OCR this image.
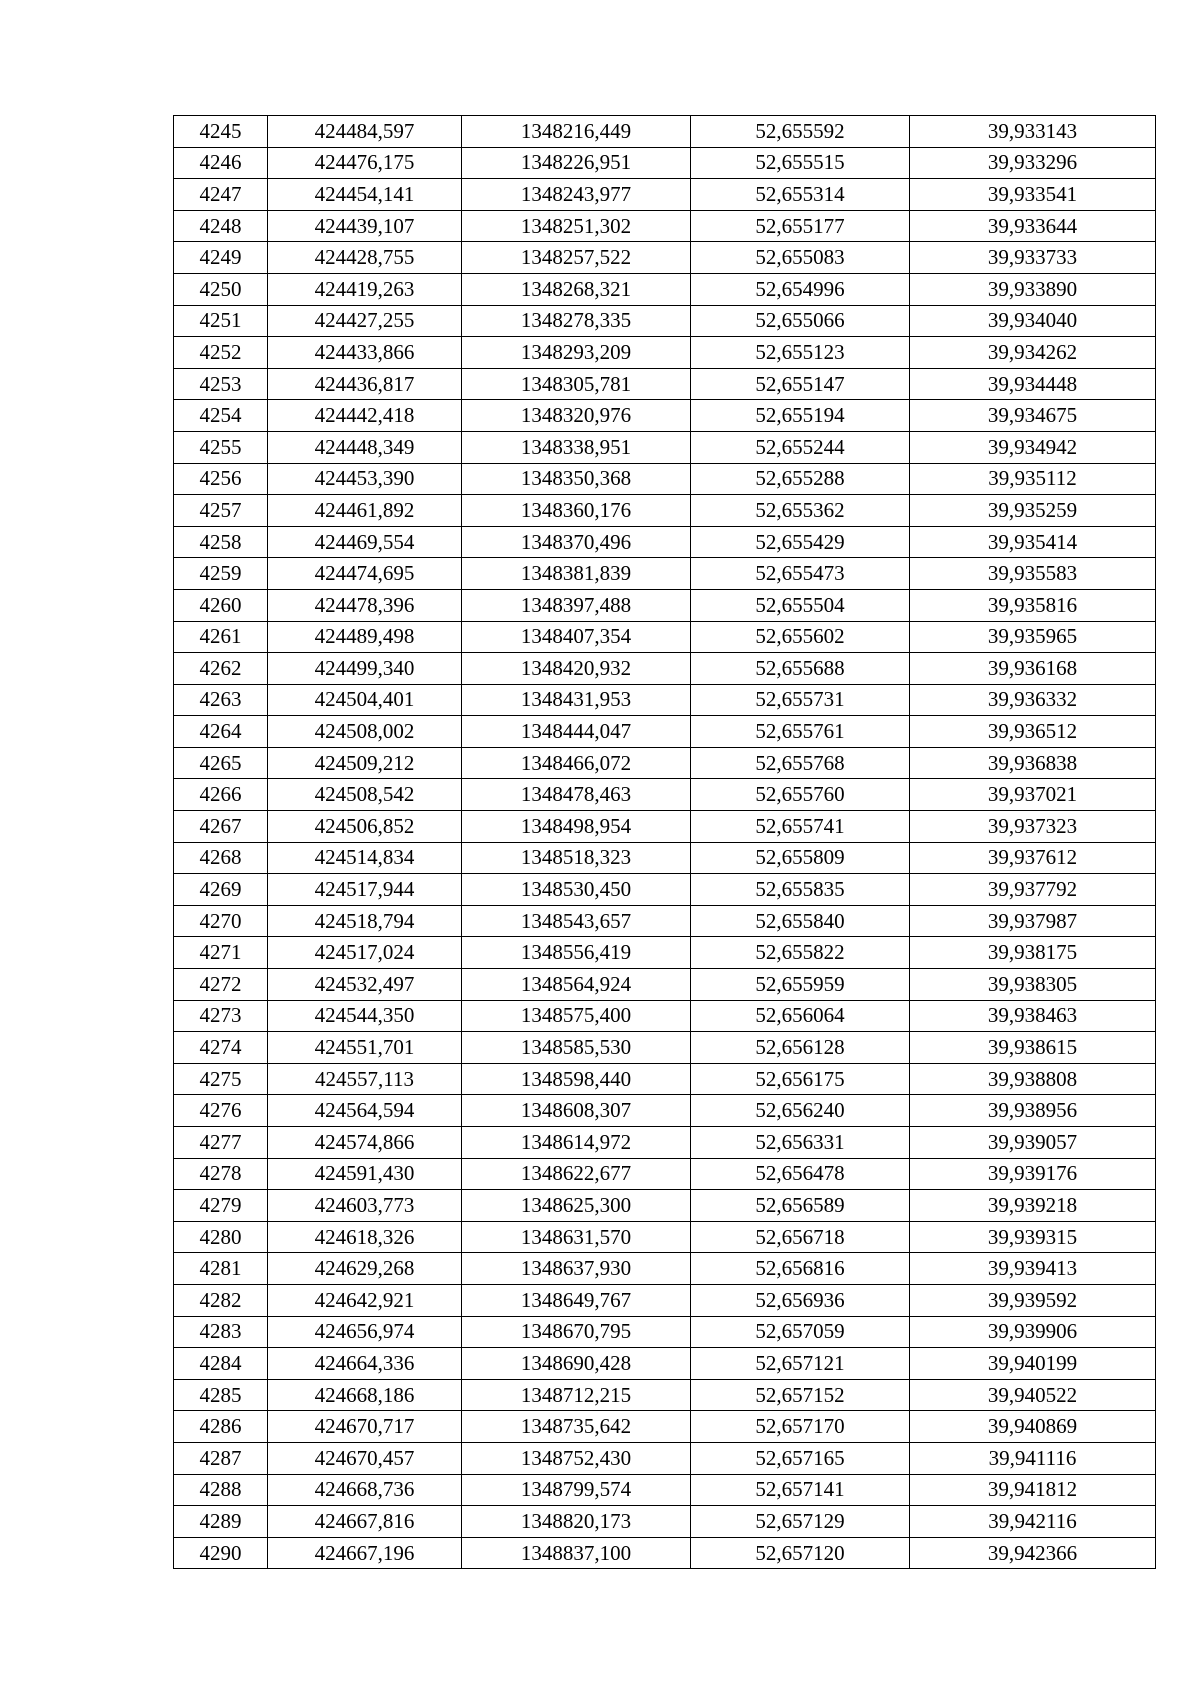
4245	424484,597	1348216,449	52,655592	39,933143
4246	424476,175	1348226,951	52,655515	39,933296
4247	424454,141	1348243,977	52,655314	39,933541
4248	424439,107	1348251,302	52,655177	39,933644
4249	424428,755	1348257,522	52,655083	39,933733
4250	424419,263	1348268,321	52,654996	39,933890
4251	424427,255	1348278,335	52,655066	39,934040
4252	424433,866	1348293,209	52,655123	39,934262
4253	424436,817	1348305,781	52,655147	39,934448
4254	424442,418	1348320,976	52,655194	39,934675
4255	424448,349	1348338,951	52,655244	39,934942
4256	424453,390	1348350,368	52,655288	39,935112
4257	424461,892	1348360,176	52,655362	39,935259
4258	424469,554	1348370,496	52,655429	39,935414
4259	424474,695	1348381,839	52,655473	39,935583
4260	424478,396	1348397,488	52,655504	39,935816
4261	424489,498	1348407,354	52,655602	39,935965
4262	424499,340	1348420,932	52,655688	39,936168
4263	424504,401	1348431,953	52,655731	39,936332
4264	424508,002	1348444,047	52,655761	39,936512
4265	424509,212	1348466,072	52,655768	39,936838
4266	424508,542	1348478,463	52,655760	39,937021
4267	424506,852	1348498,954	52,655741	39,937323
4268	424514,834	1348518,323	52,655809	39,937612
4269	424517,944	1348530,450	52,655835	39,937792
4270	424518,794	1348543,657	52,655840	39,937987
4271	424517,024	1348556,419	52,655822	39,938175
4272	424532,497	1348564,924	52,655959	39,938305
4273	424544,350	1348575,400	52,656064	39,938463
4274	424551,701	1348585,530	52,656128	39,938615
4275	424557,113	1348598,440	52,656175	39,938808
4276	424564,594	1348608,307	52,656240	39,938956
4277	424574,866	1348614,972	52,656331	39,939057
4278	424591,430	1348622,677	52,656478	39,939176
4279	424603,773	1348625,300	52,656589	39,939218
4280	424618,326	1348631,570	52,656718	39,939315
4281	424629,268	1348637,930	52,656816	39,939413
4282	424642,921	1348649,767	52,656936	39,939592
4283	424656,974	1348670,795	52,657059	39,939906
4284	424664,336	1348690,428	52,657121	39,940199
4285	424668,186	1348712,215	52,657152	39,940522
4286	424670,717	1348735,642	52,657170	39,940869
4287	424670,457	1348752,430	52,657165	39,941116
4288	424668,736	1348799,574	52,657141	39,941812
4289	424667,816	1348820,173	52,657129	39,942116
4290	424667,196	1348837,100	52,657120	39,942366
